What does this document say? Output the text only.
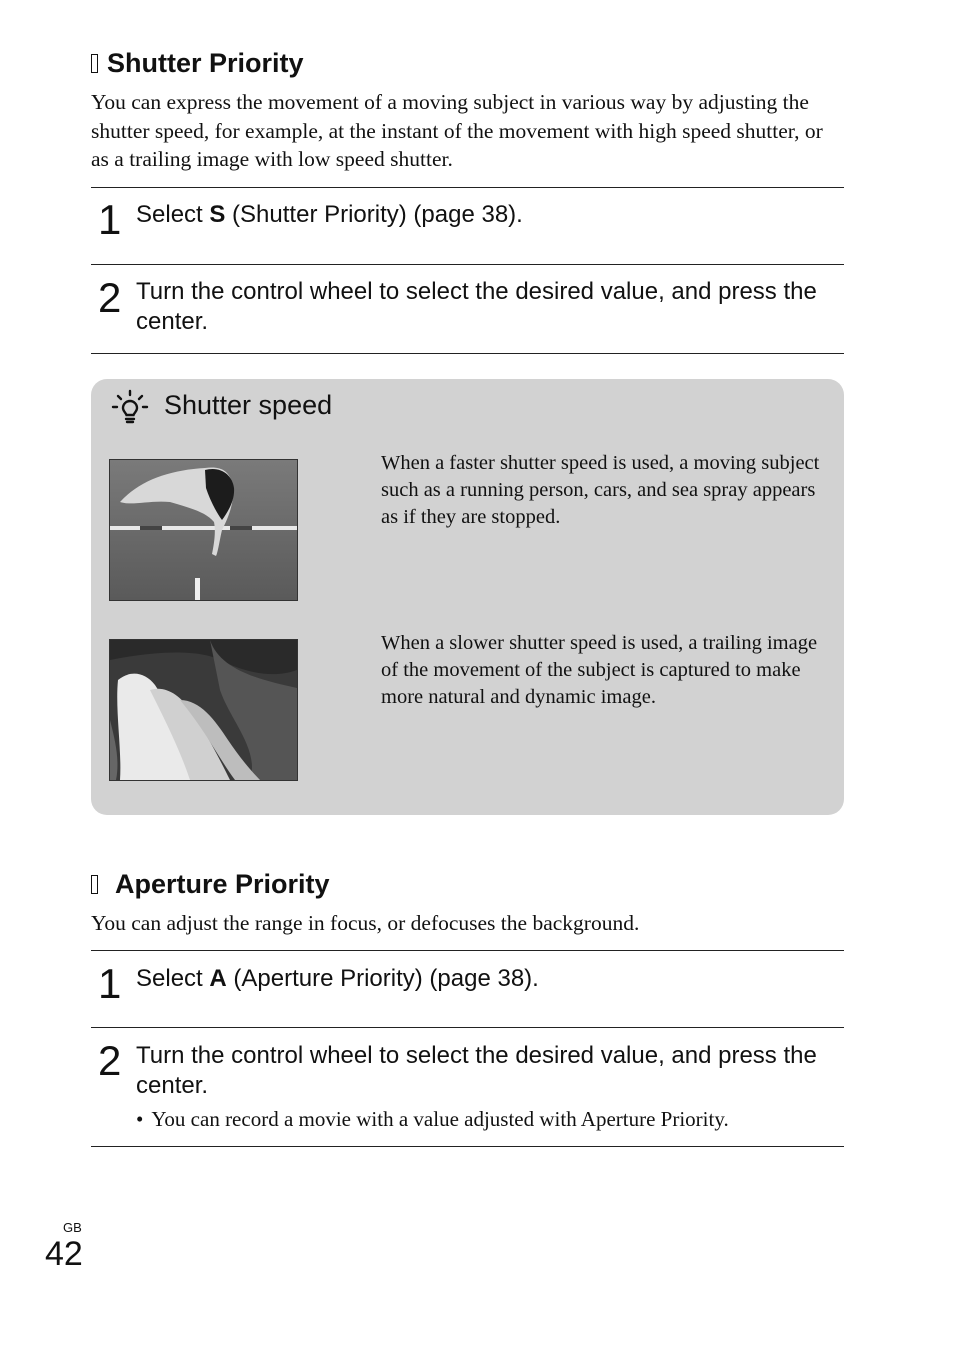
Shutter Priority
You can express the movement of a moving subject in various way by adjusting the shutter speed, for example, at the instant of the movement with high speed shutter, or as a trailing image with low speed shutter.
1 Select S (Shutter Priority) (page 38).
2 Turn the control wheel to select the desired value, and press the center.
Shutter speed
When a faster shutter speed is used, a moving subject such as a running person, cars, and sea spray appears as if they are stopped.
When a slower shutter speed is used, a trailing image of the movement of the subject is captured to make more natural and dynamic image.
Aperture Priority
You can adjust the range in focus, or defocuses the background.
1 Select A (Aperture Priority) (page 38).
2 Turn the control wheel to select the desired value, and press the center.
• You can record a movie with a value adjusted with Aperture Priority.
GB
42
